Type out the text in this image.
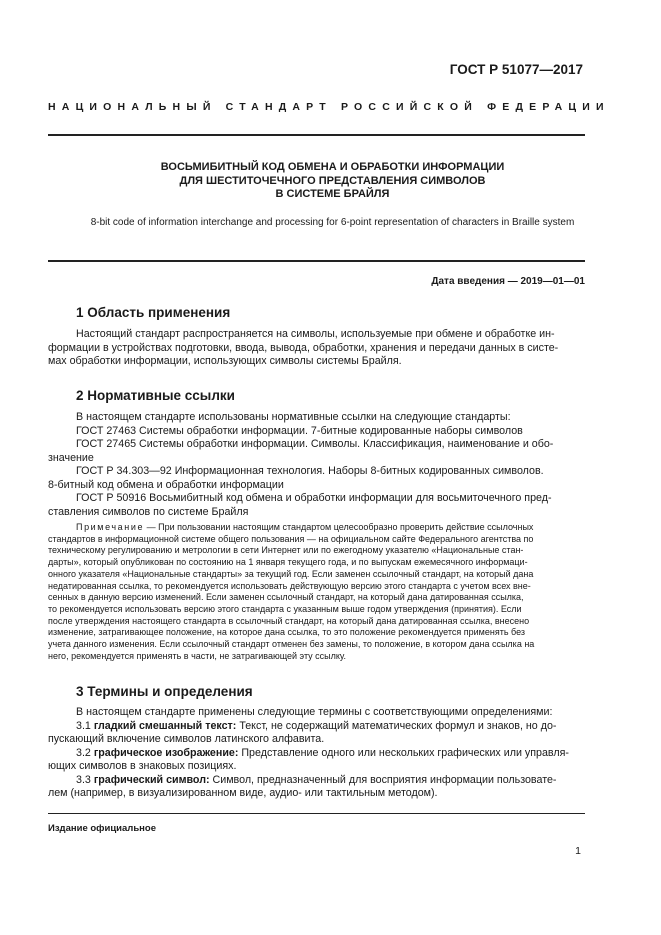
ГОСТ Р 51077—2017
НАЦИОНАЛЬНЫЙ СТАНДАРТ РОССИЙСКОЙ ФЕДЕРАЦИИ
ВОСЬМИБИТНЫЙ КОД ОБМЕНА И ОБРАБОТКИ ИНФОРМАЦИИ
ДЛЯ ШЕСТИТОЧЕЧНОГО ПРЕДСТАВЛЕНИЯ СИМВОЛОВ
В СИСТЕМЕ БРАЙЛЯ
8-bit code of information interchange and processing for 6-point representation of characters in Braille system
Дата введения — 2019—01—01
1 Область применения
Настоящий стандарт распространяется на символы, используемые при обмене и обработке ин-
формации в устройствах подготовки, ввода, вывода, обработки, хранения и передачи данных в систе-
мах обработки информации, использующих символы системы Брайля.
2 Нормативные ссылки
В настоящем стандарте использованы нормативные ссылки на следующие стандарты:
ГОСТ 27463 Системы обработки информации. 7-битные кодированные наборы символов
ГОСТ 27465 Системы обработки информации. Символы. Классификация, наименование и обо-
значение
ГОСТ Р 34.303—92 Информационная технология. Наборы 8-битных кодированных символов.
8-битный код обмена и обработки информации
ГОСТ Р 50916 Восьмибитный код обмена и обработки информации для восьмиточечного пред-
ставления символов по системе Брайля
Примечание — При пользовании настоящим стандартом целесообразно проверить действие ссылочных
стандартов в информационной системе общего пользования — на официальном сайте Федерального агентства по
техническому регулированию и метрологии в сети Интернет или по ежегодному указателю «Национальные стан-
дарты», который опубликован по состоянию на 1 января текущего года, и по выпускам ежемесячного информаци-
онного указателя «Национальные стандарты» за текущий год. Если заменен ссылочный стандарт, на который дана
недатированная ссылка, то рекомендуется использовать действующую версию этого стандарта с учетом всех вне-
сенных в данную версию изменений. Если заменен ссылочный стандарт, на который дана датированная ссылка,
то рекомендуется использовать версию этого стандарта с указанным выше годом утверждения (принятия). Если
после утверждения настоящего стандарта в ссылочный стандарт, на который дана датированная ссылка, внесено
изменение, затрагивающее положение, на которое дана ссылка, то это положение рекомендуется применять без
учета данного изменения. Если ссылочный стандарт отменен без замены, то положение, в котором дана ссылка на
него, рекомендуется применять в части, не затрагивающей эту ссылку.
3 Термины и определения
В настоящем стандарте применены следующие термины с соответствующими определениями:
3.1 гладкий смешанный текст: Текст, не содержащий математических формул и знаков, но до-
пускающий включение символов латинского алфавита.
3.2 графическое изображение: Представление одного или нескольких графических или управля-
ющих символов в знаковых позициях.
3.3 графический символ: Символ, предназначенный для восприятия информации пользовате-
лем (например, в визуализированном виде, аудио- или тактильным методом).
Издание официальное
1
